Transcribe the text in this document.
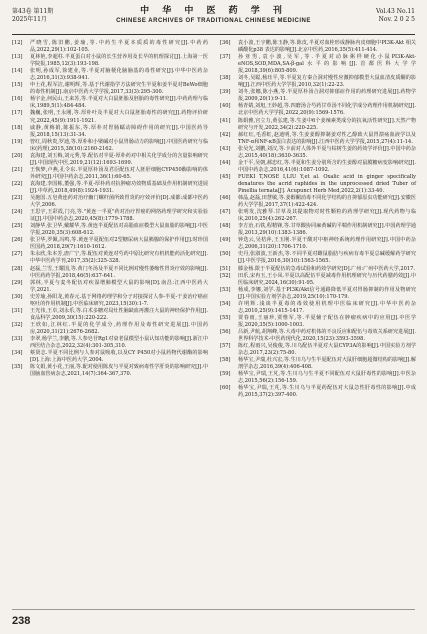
第43卷 第11期
2025年11月
中 华 中 医 药 学 刊
CHINESE ARCHIVES OF TRADITIONAL CHINESE MEDICINE
Vol.43 No.11
Nov. 2 0 2 5
[12]	严晓雪,陈旧鹏,姜瑜,等.中药生半夏本质质的毒性研究[J].中药药品,2022,29(1):102-105.
[13]	夏林艳,李超柱.半夏蛋白对小鼠的长生营养用及长早的机理探讨[J].上海第一医学院报,1985,12(3):193-198.
[14]	张明,孙成军,徐建业,等.半夏对脑梗化脑脑基的毒性研究[J].中华中医药杂志,2016,31(3):938-941.
[15]	申土花,程军洁,谢明辉,等.基于代谢指学方法研究生半夏和姜半夏对BeWo细胞的毒性机制[J].南京中医药大学学报,2017,33(3):295-300.
[16]	杨宇金,何民山,王来苏,等.半夏对大白鼠胚胎及胚胎的毒性研究[J].中药药理与临床,1989,5(1):484-484.
[17]	魏巍,张明,王永刚,等.厚朴叶及半夏对大白鼠胚胎毒性的研究[J].药物评价研究,2022,45(9):1911-1921.
[18]	戚静,黄梅娟,陈振东,等.厚朴对胃肠蠕动障碍作用的研究[J].中国医药导报,2018,15(13):31-34.
[19]	曾红,周秋贵,罗迪,等.厚朴和小檗碱对小鼠胃肠动力的影响[J].中国医药研究与临床(药理),2015,38(10):2160-2162.
[20]	袁海建,刘玉梅,刘元秀,等.配伍对半夏-厚朴药对中相关化学成分的含量影响研究[J].中国现代中医,2019,21(12):1693-1699.
[21]	王恢梦,卢燕,孔令东.半夏厚朴汤及君臣配伍对人胚肝细胞CYP450酶影响的体外研究[J].中国中药杂志,2011,36(1):60-65.
[22]	袁海建,李国栋,董强,等.半夏-厚朴药对抗肿瘤功效物质基础及作用机制研究进展[J].中草药,2018,49(8):1924-1931.
[23]	吴施国.五皂黄连药对治疗幽门螺杆菌所致胃炎的疗效评价[D].成都:成都中医药大学,2006.
[24]	王思宇,王彩霞,门亮,等."黄连一半夏"药对治疗胃癌的网络药理学研究和实验验证[J].中国中药杂志,2020,45(8):1779-1788.
[25]	刘静华,张卫华,戴耀华,等.黄连半夏配伍对高脂血症模型大鼠血脂的影响[J].中医学报,2020,35(3):608-612.
[26]	张卫华,罗佩,冯鸣,等.黄连半夏配伍对2型糖尿病大鼠胰腺的保护作用[J].时珍国医国药,2018,29(7):1610-1612.
[27]	朱永欣,朱本芳,唐广宁,等.配伍对黄连对芍药中原比研究有机机能药活化研究[J].中华中医药学刊,2017,35(2):325-328.
[28]	赵磊,兰雪,王耀国,等.黄门冬汤及半夏不同比例对慢性萎缩性胃炎疗效的影响[J].中医药药学报,2018,46(5):637-641.
[29]	郭林,半夏与麦冬配伍对疾湿增肺模型大鼠的影响[D].南昌:江西中医药大学,2021.
[30]	史芳瑜,孙阳龙,黄春元.基于网络药理学和分子对接探讨人参-半夏-干姜治疗癌症呕吐的作用机制[J].中医临床研究,2023,15(30):1-7.
[31]	王光伟,王卓,刘永乐,等.白术多糖对局灶性脑缺血再灌注大鼠的神经保护作用[J].食品科学,2009,30(15):220-222.
[32]	王欣如,江林红.半夏的化学成分,药理作用及毒性研究进展[J].中国药房,2020,31(21):2676-2682.
[33]	李翠,杨学兰,李鹏,等.人参皂苷Rg1对衰老鼠模型小鼠认知功能的影响[J].浙江中西医结合杂志,2022,32(4):301-305,310.
[34]	蔡贤志.半夏不同比例与人参对鼠吸收,以及CY P450对小鼠药物代谢酶的影响[D].上海:上海中医药大学,2004.
[35]	陈文娟,黄小花,王丽,等.配对使用陈皮与半夏对致病毒性学肝炎的影响研究[J].中国脑血管病杂志,2021,14(7):364-367,370.
[36]	袁小波,王宇鹏,陈玉静,等.陈皮,半夏对血栓形成静脉内皮细胞中PI3K-Akt 相关磷酸化p38 表达的影响[J].北京中医药,2016,35(5):411-414.
[37]	孙亚男,袁小波,吴军,等.半夏对动脉粥样硬化小鼠PI3K-Akt-eNOS,SOD,MDA,SA-β-gal水平的影响[J].首都医科大学学报,2018,39(6):805-809.
[38]	刘冬,吴聪,杨珏平,等.半夏复方秦合洞对慢性应激抑郁模型大鼠血清皮质酮的影响[J].江西中医药大学学报,2010,32(1):22-23.
[39]	刘冬,张娜,陈小燕,等.半夏厚朴汤合洞对抑郁症作用的药理研究进展[J].药物学报,2009,20(1):9-11.
[40]	杨青婧,刘旭,王妙超,等.四磨汤合芍药甘草汤不同化学成分药理作用机制研究[J].北京中医药大学学报,2022,20(9):1569-1576.
[41]	陈娟雅,宫立力,黄弘建,等.生姜中6个姜辣素类成分的抗氧活性研究[J].天然产物研究与开发,2022,34(2):220-225.
[42]	郝红红,毛香虹,赵迪明,等.生姜姜醇抑制姜对性乙醇致大鼠胃溃疡血液学以及TNF-α和NF-κB蛋白表达的影响[J].江西中医药大学学报,2015,27(4):11-14.
[43]	张吴光,刘鹏,刘汉,等.卡前对人体外半夏与枯树生姜的药效学评价[J].中国中药杂志,2015,40(18):3630-3635.
[44]	金干平,吴朝,郝忠红,等.半夏和生姜分别所含的生姜醇对鼠膜糖病变影响研究[J].中国中药杂志,2016,41(6):1087-1092.
[45]	FUEKI T,NOSE I,LIU Y,et al. Oxalic acid in ginger specifically denatures the acrid raphides in the unprocessed dried Tuber of Pinellia ternata[J]. Acupunct Herb Med,2022,2(1):33-40.
[46]	韩晶,赵磊,田慧敏,等.姜醇酮消毒不同化学结构的自抑郁原虫功能研究[J].安徽医药大学学报,2017,37(1):422-424.
[47]	张明发,沈雅琴.甘草及其提取物对时性颗粒的药理学研究[J].现代药物与临床,2010,25(4):262-267.
[48]	李方治,石铁,程精锋,等.甘草酸协同麻黄碱的平喘作用机制研究[J].中国药理学通报,2013,29(10):1383-1386.
[49]	钟迭云,吴桔萍,王玉刚.半夏干酸对中枢神经系统药理作用研究[J].中国中药杂志,2006,31(20):1706-1710.
[50]	史丹,张淑波,王新杰,等.不同半夏对雌鼠脂肪与疾病有毒半夏总碱缓解药学研究[J].中医学报,2016,30(10):1563-1565.
[51]	滕金杨.限于半夏配伍的急毒试验和药效学研究[D].广州:广州中医药大学,2017.
[52]	田乐,宋冉玉,王小凤.半夏以高配伍半夏减毒作用机理研究与历代药膳药效[J].中医临床研究,2024,16(30):91-95.
[53]	杨成,李娜,刘学.基于PI3K/Akt信号通路降低半夏对胃肠抑制的作用及物研究[J].中国实验方剂学杂志,2019,25(10):170-179.
[54]	许明辉.浅谈半夏毒的毒效使用机理中医临床研究[J].中华中医药杂志,2010,25(9):1415-1417.
[55]	贾春雨,王丽珍,贾惟军,等.半夏辅子配伍在肿瘤疾病中的应用[J].中医学报,2020,35(5):1000-1003.
[56]	吕新,尹航,胡翔峰,等.大毒中药对机体的不良反应和配伍与毒效关系研究进展[J].世界科学技术-中医药现代化,2020,15(23):3593-3598.
[57]	陈红,程雨兴,吴俊俊,等.川乌配伍半夏对大鼠CYP3A的影响[J].中国实验方剂学杂志,2017,23(2):75-80.
[58]	杨华宝,尹瑞,杜兴宏,等.生川乌与生半夏配伍对大鼠肝细胞超微结构的影响[J].解剖学杂志,2016,39(4):406-408.
[59]	杨华宝,尹瑞,王芃,等.生川乌与生半夏不同配伍对大鼠肝毒性的影响[J].中医杂志,2015,56(2):156-159.
[60]	杨华宝,尹瑞,王芃,等.生川乌与半夏药配伍对大鼠急性肝毒性的影响[J].中成药,2015,37(2):397-400.
238
